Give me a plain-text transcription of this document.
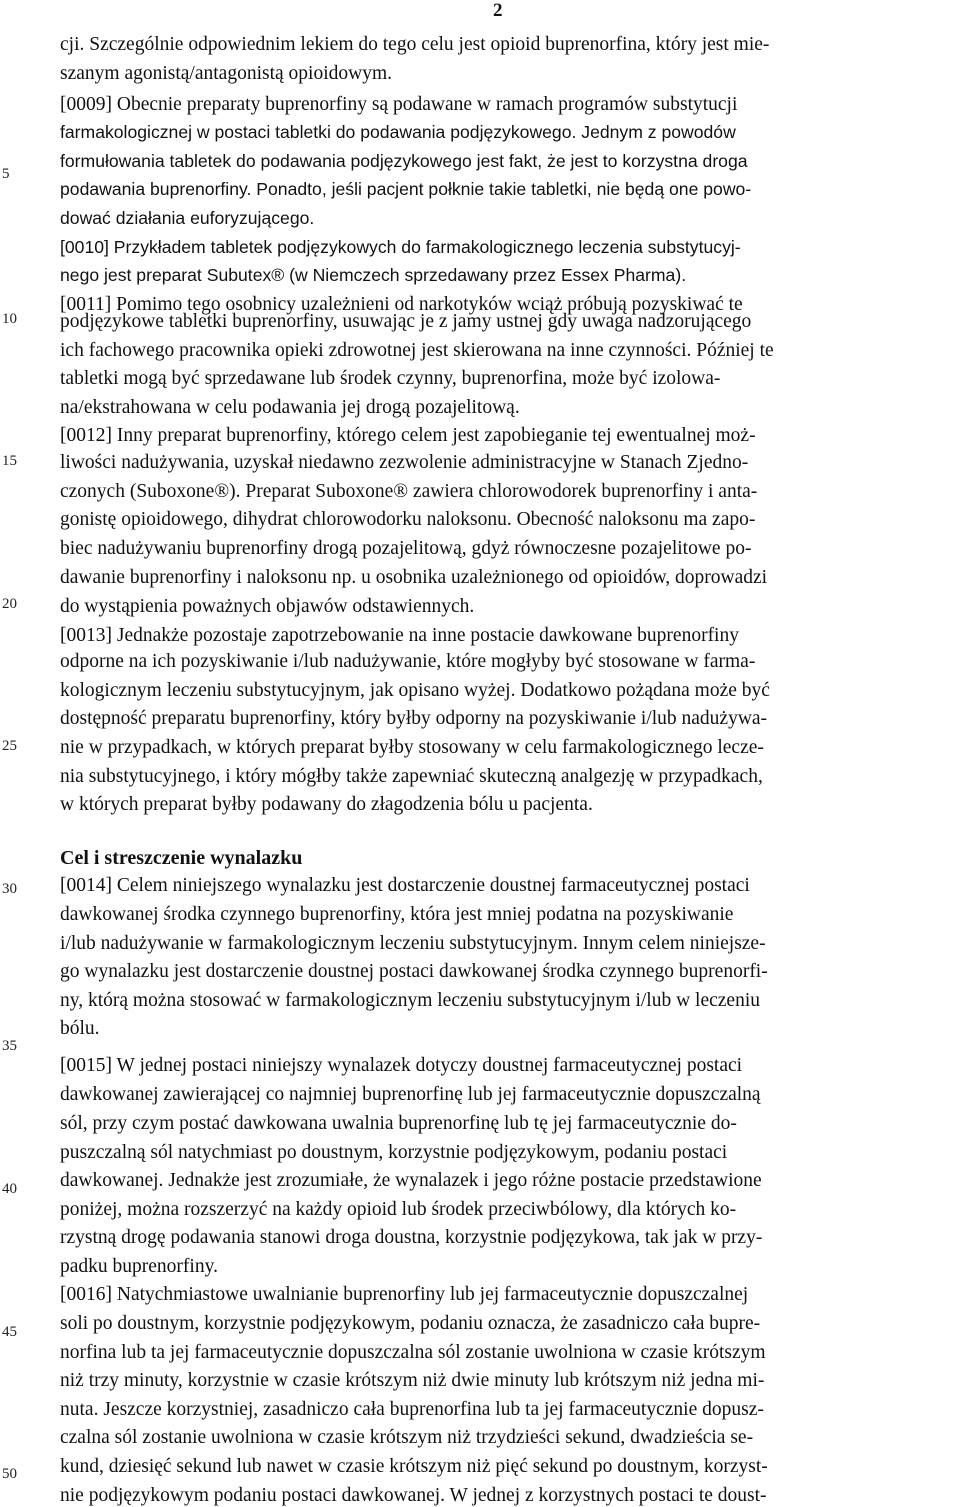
2
cji. Szczególnie odpowiednim lekiem do tego celu jest opioid buprenorfina, który jest mie-
szanym agonistą/antagonistą opioidowym.
[0009] Obecnie preparaty buprenorfiny są podawane w ramach programów substytucji
farmakologicznej w postaci tabletki do podawania podjęzykowego. Jednym z powodów
formułowania tabletek do podawania podjęzykowego jest fakt, że jest to korzystna droga
podawania buprenorfiny. Ponadto, jeśli pacjent połknie takie tabletki, nie będą one powo-
dować działania euforyzującego.
[0010] Przykładem tabletek podjęzykowych do farmakologicznego leczenia substytucyj-
nego jest preparat Subutex® (w Niemczech sprzedawany przez Essex Pharma).
[0011] Pomimo tego osobnicy uzależnieni od narkotyków wciąż próbują pozyskiwać te
podjęzykowe tabletki buprenorfiny, usuwając je z jamy ustnej gdy uwaga nadzorującego
ich fachowego pracownika opieki zdrowotnej jest skierowana na inne czynności. Później te
tabletki mogą być sprzedawane lub środek czynny, buprenorfina, może być izolowa-
na/ekstrahowana w celu podawania jej drogą pozajelitową.
[0012] Inny preparat buprenorfiny, którego celem jest zapobieganie tej ewentualnej moż-
liwości nadużywania, uzyskał niedawno zezwolenie administracyjne w Stanach Zjedno-
czonych (Suboxone®). Preparat Suboxone® zawiera chlorowodorek buprenorfiny i anta-
gonistę opioidowego, dihydrat chlorowodorku naloksonu. Obecność naloksonu ma zapo-
biec nadużywaniu buprenorfiny drogą pozajelitową, gdyż równoczesne pozajelitowe po-
dawanie buprenorfiny i naloksonu np. u osobnika uzależnionego od opioidów, doprowadzi
do wystąpienia poważnych objawów odstawiennych.
[0013] Jednakże pozostaje zapotrzebowanie na inne postacie dawkowane buprenorfiny
odporne na ich pozyskiwanie i/lub nadużywanie, które mogłyby być stosowane w farma-
kologicznym leczeniu substytucyjnym, jak opisano wyżej. Dodatkowo pożądana może być
dostępność preparatu buprenorfiny, który byłby odporny na pozyskiwanie i/lub nadużywa-
nie w przypadkach, w których preparat byłby stosowany w celu farmakologicznego lecze-
nia substytucyjnego, i który mógłby także zapewniać skuteczną analgezję w przypadkach,
w których preparat byłby podawany do złagodzenia bólu u pacjenta.
[0014] Celem niniejszego wynalazku jest dostarczenie doustnej farmaceutycznej postaci
dawkowanej środka czynnego buprenorfiny, która jest mniej podatna na pozyskiwanie
i/lub nadużywanie w farmakologicznym leczeniu substytucyjnym. Innym celem niniejsze-
go wynalazku jest dostarczenie doustnej postaci dawkowanej środka czynnego buprenorfi-
ny, którą można stosować w farmakologicznym leczeniu substytucyjnym i/lub w leczeniu
bólu.
[0015] W jednej postaci niniejszy wynalazek dotyczy doustnej farmaceutycznej postaci
dawkowanej zawierającej co najmniej buprenorfinę lub jej farmaceutycznie dopuszczalną
sól, przy czym postać dawkowana uwalnia buprenorfinę lub tę jej farmaceutycznie do-
puszczalną sól natychmiast po doustnym, korzystnie podjęzykowym, podaniu postaci
dawkowanej. Jednakże jest zrozumiałe, że wynalazek i jego różne postacie przedstawione
poniżej, można rozszerzyć na każdy opioid lub środek przeciwbólowy, dla których ko-
rzystną drogę podawania stanowi droga doustna, korzystnie podjęzykowa, tak jak w przy-
padku buprenorfiny.
[0016] Natychmiastowe uwalnianie buprenorfiny lub jej farmaceutycznie dopuszczalnej
soli po doustnym, korzystnie podjęzykowym, podaniu oznacza, że zasadniczo cała bupre-
norfina lub ta jej farmaceutycznie dopuszczalna sól zostanie uwolniona w czasie krótszym
niż trzy minuty, korzystnie w czasie krótszym niż dwie minuty lub krótszym niż jedna mi-
nuta. Jeszcze korzystniej, zasadniczo cała buprenorfina lub ta jej farmaceutycznie dopusz-
czalna sól zostanie uwolniona w czasie krótszym niż trzydzieści sekund, dwadzieścia se-
kund, dziesięć sekund lub nawet w czasie krótszym niż pięć sekund po doustnym, korzyst-
nie podjęzykowym podaniu postaci dawkowanej. W jednej z korzystnych postaci te doust-
5
10
15
20
25
30
35
40
45
50
Cel i streszczenie wynalazku
